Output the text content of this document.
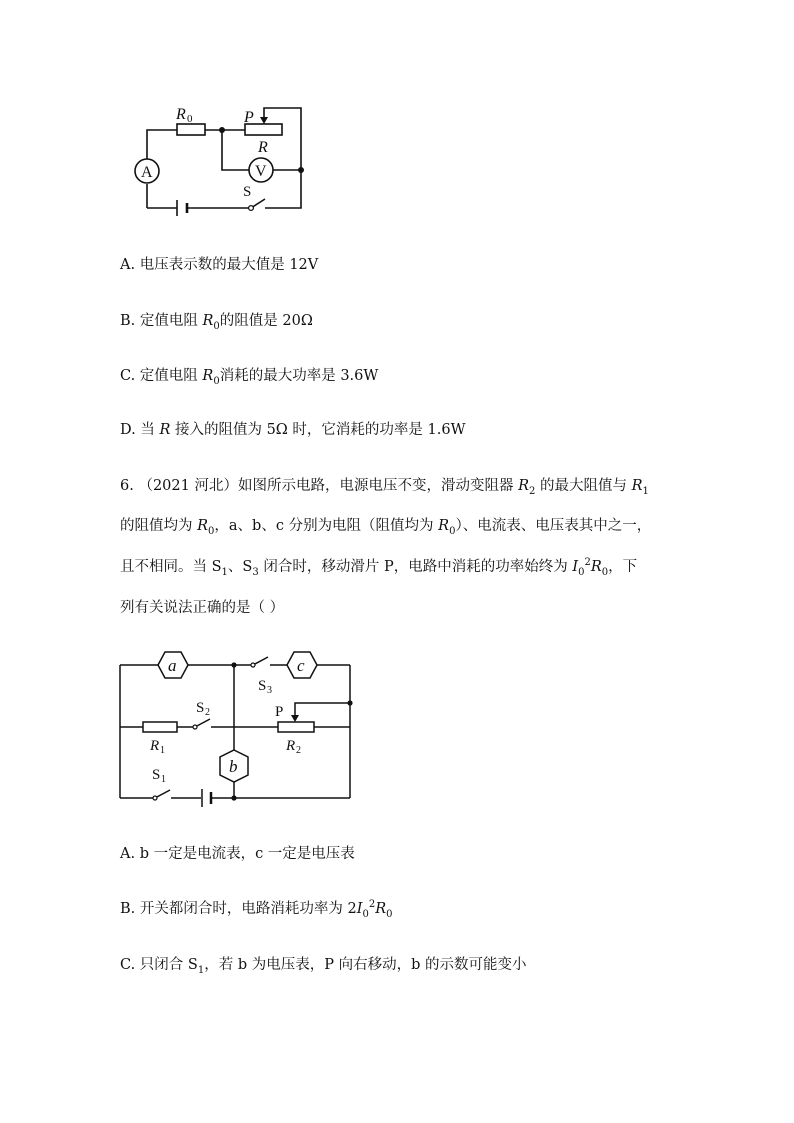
A	V
R 0	P
R
S
A. 电压表示数的最大值是 12V
B. 定值电阻 $R_0$的阻值是 20Ω
C. 定值电阻 $R_0$消耗的最大功率是 3.6W
D. 当 R 接入的阻值为 5Ω 时，它消耗的功率是 1.6W
6. （2021 河北）如图所示电路，电源电压不变，滑动变阻器 $R_2$ 的最大阻值与 $R_1$
的阻值均为 $R_0$，a、b、c 分别为电阻（阻值均为 $R_0$）、电流表、电压表其中之一，
且不相同。当 $S_1$、$S_3$ 闭合时，移动滑片 P，电路中消耗的功率始终为 $I_0^2R_0$，下
列有关说法正确的是（ ）
a	c
b
S 3
S 2
S 1
R 1	R 2
P
A. b 一定是电流表，c 一定是电压表
B. 开关都闭合时，电路消耗功率为 $2I_0^2R_0$
C. 只闭合 $S_1$，若 b 为电压表，P 向右移动，b 的示数可能变小
